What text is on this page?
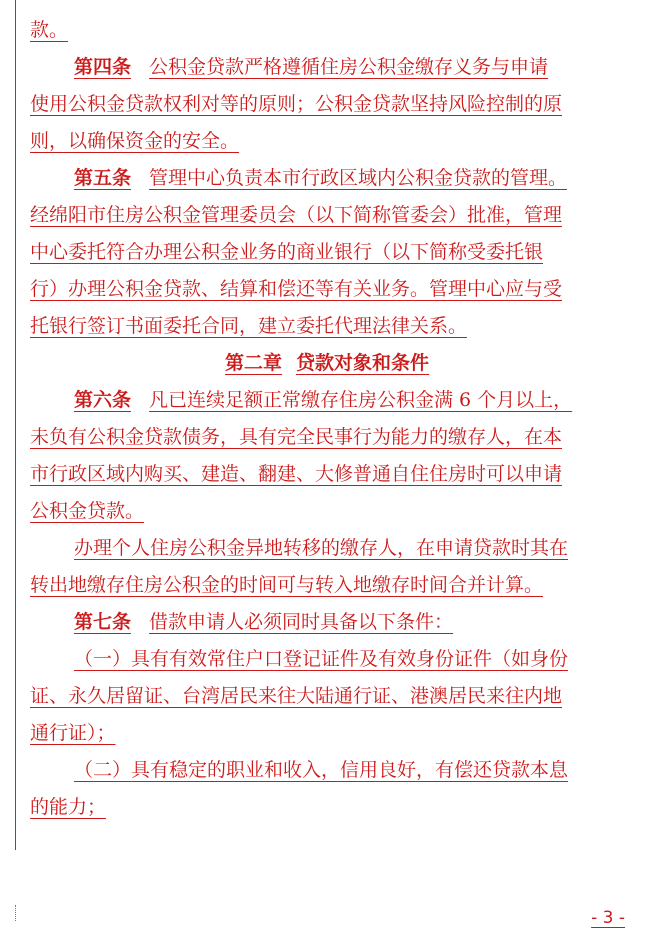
款。
第四条 公积金贷款严格遵循住房公积金缴存义务与申请
使用公积金贷款权利对等的原则；公积金贷款坚持风险控制的原
则，以确保资金的安全。
第五条 管理中心负责本市行政区域内公积金贷款的管理。
经绵阳市住房公积金管理委员会（以下简称管委会）批准，管理
中心委托符合办理公积金业务的商业银行（以下简称受委托银
行）办理公积金贷款、结算和偿还等有关业务。管理中心应与受
托银行签订书面委托合同，建立委托代理法律关系。
第二章 贷款对象和条件
第六条 凡已连续足额正常缴存住房公积金满 6 个月以上，
未负有公积金贷款债务，具有完全民事行为能力的缴存人，在本
市行政区域内购买、建造、翻建、大修普通自住住房时可以申请
公积金贷款。
办理个人住房公积金异地转移的缴存人，在申请贷款时其在
转出地缴存住房公积金的时间可与转入地缴存时间合并计算。
第七条 借款申请人必须同时具备以下条件：
（一）具有有效常住户口登记证件及有效身份证件（如身份
证、永久居留证、台湾居民来往大陆通行证、港澳居民来往内地
通行证）；
（二）具有稳定的职业和收入，信用良好，有偿还贷款本息
的能力；
- 3 -
